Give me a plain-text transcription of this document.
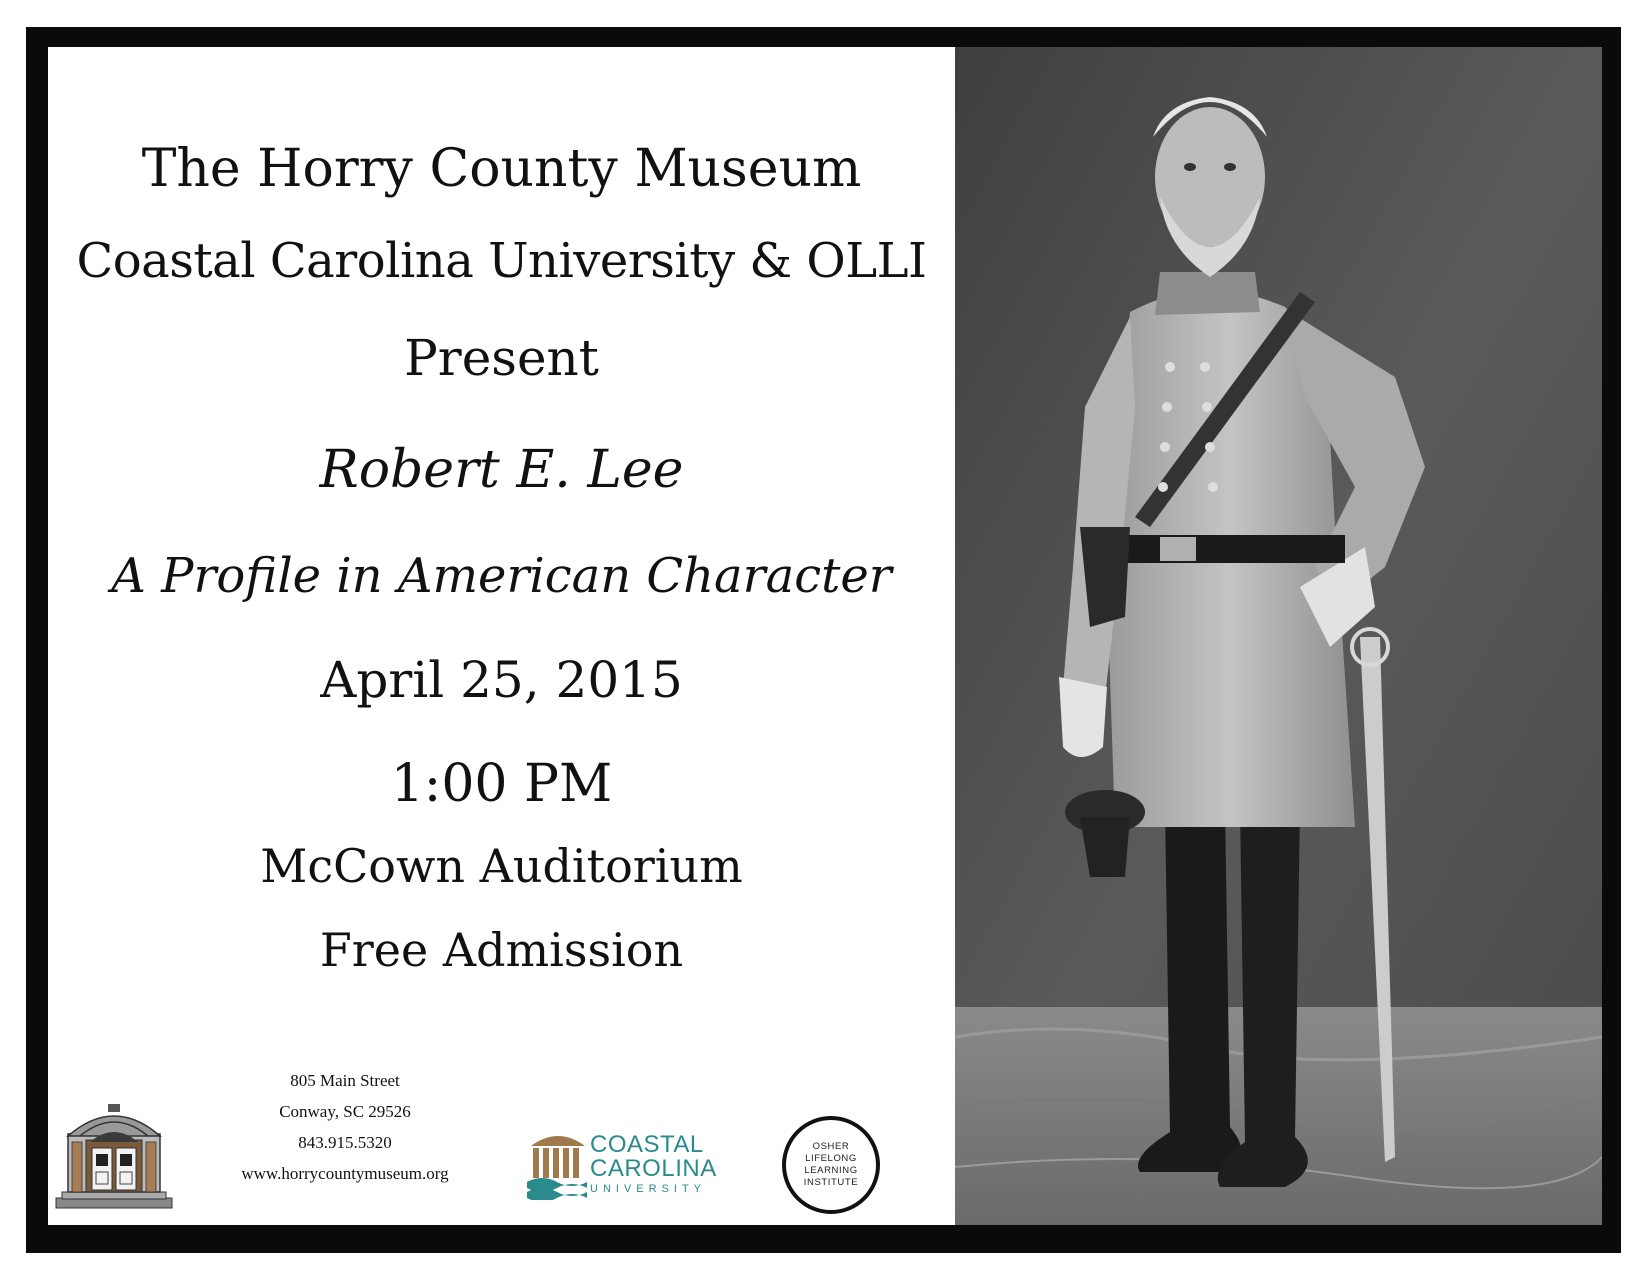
The Horry County Museum
Coastal Carolina University & OLLI
Present
Robert E. Lee
A Profile in American Character
April 25, 2015
1:00 PM
McCown Auditorium
Free Admission
805 Main Street
Conway, SC 29526
843.915.5320
www.horrycountymuseum.org
COASTAL
CAROLINA
UNIVERSITY
OSHER
LIFELONG
LEARNING
INSTITUTE
